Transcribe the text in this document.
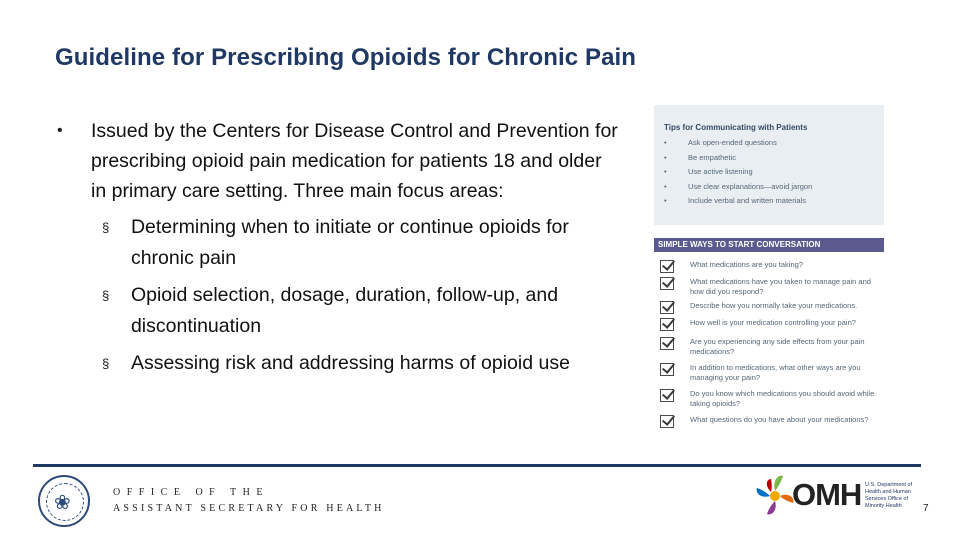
Guideline for Prescribing Opioids for Chronic Pain
•	Issued by the Centers for Disease Control and Prevention for prescribing opioid pain medication for patients 18 and older in primary care setting. Three main focus areas:
§	Determining when to initiate or continue opioids for chronic pain
§	Opioid selection, dosage, duration, follow-up, and discontinuation
§	Assessing risk and addressing harms of opioid use
Tips for Communicating with Patients
•	Ask open-ended questions
•	Be empathetic
•	Use active listening
•	Use clear explanations—avoid jargon
•	Include verbal and written materials
SIMPLE WAYS TO START CONVERSATION
What medications are you taking?
What medications have you taken to manage pain and how did you respond?
Describe how you normally take your medications.
How well is your medication controlling your pain?
Are you experiencing any side effects from your pain medications?
In addition to medications, what other ways are you managing your pain?
Do you know which medications you should avoid while taking opioids?
What questions do you have about your medications?
❀	OFFICE OF THE
ASSISTANT SECRETARY FOR HEALTH	OMH U.S. Department of Health and Human Services Office of Minority Health	7
